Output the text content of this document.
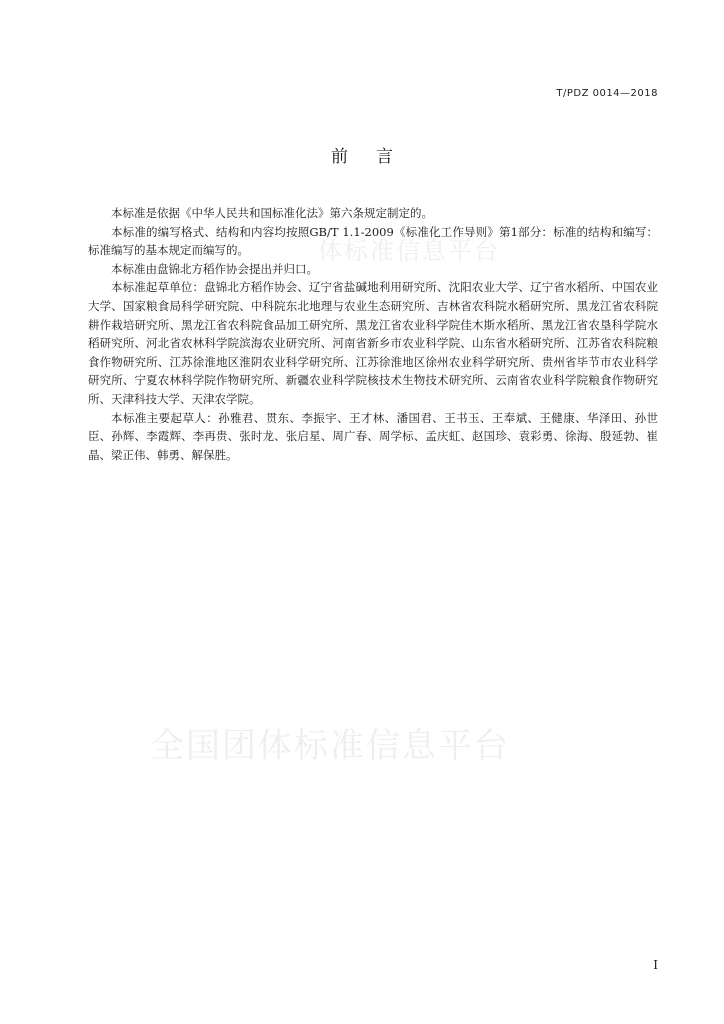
T/PDZ 0014—2018
前言

本标准是依据《中华人民共和国标准化法》第六条规定制定的。

本标准的编写格式、结构和内容均按照GB/T 1.1-2009《标准化工作导则》第1部分：标准的结构和编写：标准编写的基本规定而编写的。

本标准由盘锦北方稻作协会提出并归口。

本标准起草单位：盘锦北方稻作协会、辽宁省盐碱地利用研究所、沈阳农业大学、辽宁省水稻所、中国农业大学、国家粮食局科学研究院、中科院东北地理与农业生态研究所、吉林省农科院水稻研究所、黑龙江省农科院耕作栽培研究所、黑龙江省农科院食品加工研究所、黑龙江省农业科学院佳木斯水稻所、黑龙江省农垦科学院水稻研究所、河北省农林科学院滨海农业研究所、河南省新乡市农业科学院、山东省水稻研究所、江苏省农科院粮食作物研究所、江苏徐淮地区淮阴农业科学研究所、江苏徐淮地区徐州农业科学研究所、贵州省毕节市农业科学研究所、宁夏农林科学院作物研究所、新疆农业科学院核技术生物技术研究所、云南省农业科学院粮食作物研究所、天津科技大学、天津农学院。

本标准主要起草人：孙雅君、贯东、李振宇、王才林、潘国君、王书玉、王奉斌、王健康、华泽田、孙世臣、孙辉、李霞辉、李再贵、张时龙、张启星、周广春、周学标、孟庆虹、赵国珍、袁彩勇、徐海、殷延勃、崔晶、梁正伟、韩勇、解保胜。

体标准信息平台
全国团体标准信息平台
I
